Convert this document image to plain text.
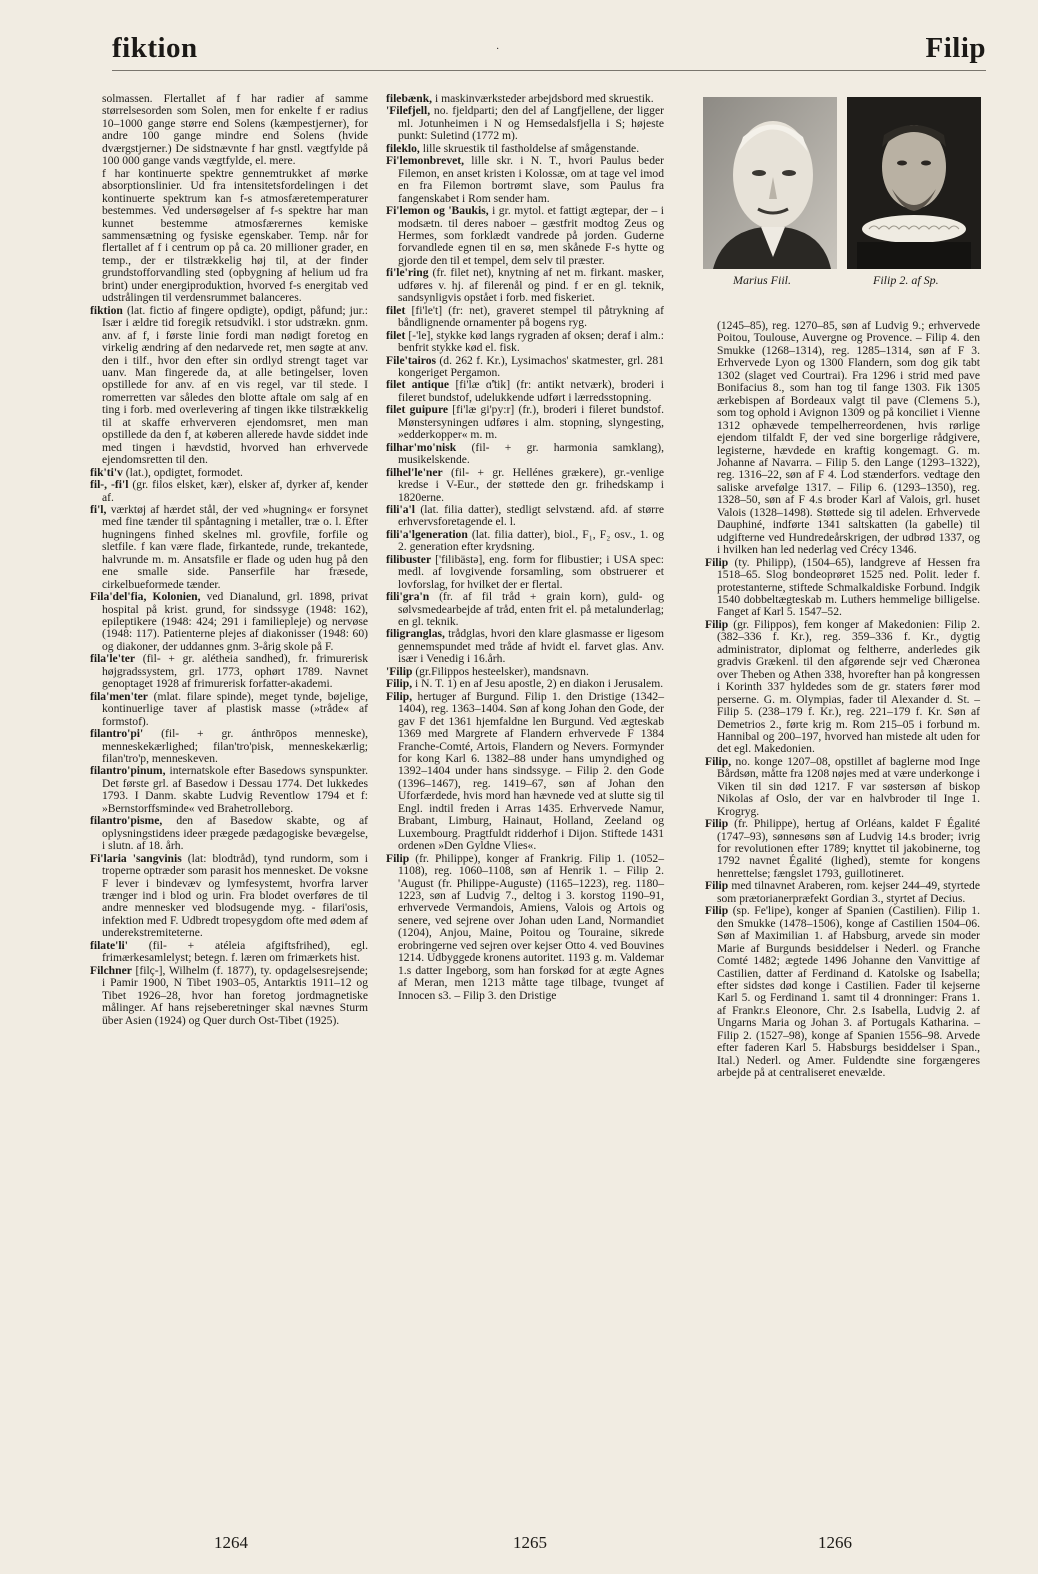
fiktion	·	Filip

solmassen. Flertallet af f har radier af samme størrelsesorden som Solen, men for enkelte f er radius 10–1000 gange større end Solens (kæmpestjerner), for andre 100 gange mindre end Solens (hvide dværgstjerner.) De sidstnævnte f har gnstl. vægtfylde på 100 000 gange vands vægtfylde, el. mere.

f har kontinuerte spektre gennemtrukket af mørke absorptionslinier. Ud fra intensitetsfordelingen i det kontinuerte spektrum kan f-s atmosfæretemperaturer bestemmes. Ved undersøgelser af f-s spektre har man kunnet bestemme atmosfærernes kemiske sammensætning og fysiske egenskaber. Temp. når for flertallet af f i centrum op på ca. 20 millioner grader, en temp., der er tilstrækkelig høj til, at der finder grundstofforvandling sted (opbygning af helium ud fra brint) under energiproduktion, hvorved f-s energitab ved udstrålingen til verdensrummet balanceres.

fiktion (lat. fictio af fingere opdigte), opdigt, påfund; jur.: Især i ældre tid foregik retsudvikl. i stor udstrækn. gnm. anv. af f, i første linie fordi man nødigt foretog en virkelig ændring af den nedarvede ret, men søgte at anv. den i tilf., hvor den efter sin ordlyd strengt taget var uanv. Man fingerede da, at alle betingelser, loven opstillede for anv. af en vis regel, var til stede. I romerretten var således den blotte aftale om salg af en ting i forb. med overlevering af tingen ikke tilstrækkelig til at skaffe erhververen ejendomsret, men man opstillede da den f, at køberen allerede havde siddet inde med tingen i hævdstid, hvorved han erhvervede ejendomsretten til den.

fik'ti'v (lat.), opdigtet, formodet.

fil-, -fi'l (gr. filos elsket, kær), elsker af, dyrker af, kender af.

fi'l, værktøj af hærdet stål, der ved »hugning« er forsynet med fine tænder til spåntagning i metaller, træ o. l. Efter hugningens finhed skelnes ml. grovfile, forfile og sletfile. f kan være flade, firkantede, runde, trekantede, halvrunde m. m. Ansatsfile er flade og uden hug på den ene smalle side. Panserfile har fræsede, cirkelbueformede tænder.

Fila'del'fia, Kolonien, ved Dianalund, grl. 1898, privat hospital på krist. grund, for sindssyge (1948: 162), epileptikere (1948: 424; 291 i familiepleje) og nervøse (1948: 117). Patienterne plejes af diakonisser (1948: 60) og diakoner, der uddannes gnm. 3-årig skole på F.

fila'le'ter (fil- + gr. alétheia sandhed), fr. frimurerisk højgradssystem, grl. 1773, ophørt 1789. Navnet genoptaget 1928 af frimurerisk forfatter-akademi.

fila'men'ter (mlat. filare spinde), meget tynde, bøjelige, kontinuerlige taver af plastisk masse (»tråde« af formstof).

filantro'pi' (fil- + gr. ánthrōpos menneske), menneskekærlighed; filan'tro'pisk, menneskekærlig; filan'tro'p, menneskeven.

filantro'pinum, internatskole efter Basedows synspunkter. Det første grl. af Basedow i Dessau 1774. Det lukkedes 1793. I Danm. skabte Ludvig Reventlow 1794 et f: »Bernstorffsminde« ved Brahetrolleborg.

filantro'pisme, den af Basedow skabte, og af oplysningstidens ideer prægede pædagogiske bevægelse, i slutn. af 18. årh.

Fi'laria 'sangvinis (lat: blodtråd), tynd rundorm, som i troperne optræder som parasit hos mennesket. De voksne F lever i bindevæv og lymfesystemt, hvorfra larver trænger ind i blod og urin. Fra blodet overføres de til andre mennesker ved blodsugende myg. - filari'osis, infektion med F. Udbredt tropesygdom ofte med ødem af underekstremiteterne.

filate'li' (fil- + atéleia afgiftsfrihed), egl. frimærkesamlelyst; betegn. f. læren om frimærkets hist.

Filchner [filç-], Wilhelm (f. 1877), ty. opdagelsesrejsende; i Pamir 1900, N Tibet 1903–05, Antarktis 1911–12 og Tibet 1926–28, hvor han foretog jordmagnetiske målinger. Af hans rejseberetninger skal nævnes Sturm über Asien (1924) og Quer durch Ost-Tibet (1925).

filebænk, i maskinværksteder arbejdsbord med skruestik.

'Filefjell, no. fjeldparti; den del af Langfjellene, der ligger ml. Jotunheimen i N og Hemsedalsfjella i S; højeste punkt: Suletind (1772 m).

fileklo, lille skruestik til fastholdelse af smågenstande.

Fi'lemonbrevet, lille skr. i N. T., hvori Paulus beder Filemon, en anset kristen i Kolossæ, om at tage vel imod en fra Filemon bortrømt slave, som Paulus fra fangenskabet i Rom sender ham.

Fi'lemon og 'Baukis, i gr. mytol. et fattigt ægtepar, der – i modsætn. til deres naboer – gæstfrit modtog Zeus og Hermes, som forklædt vandrede på jorden. Guderne forvandlede egnen til en sø, men skånede F-s hytte og gjorde den til et tempel, dem selv til præster.

fi'le'ring (fr. filet net), knytning af net m. firkant. masker, udføres v. hj. af filerenål og pind. f er en gl. teknik, sandsynligvis opstået i forb. med fiskeriet.

filet [fi'le't] (fr: net), graveret stempel til påtrykning af båndlignende ornamenter på bogens ryg.

filet [-'le], stykke kød langs rygraden af oksen; deraf i alm.: benfrit stykke kød el. fisk.

File'tairos (d. 262 f. Kr.), Lysimachos' skatmester, grl. 281 kongeriget Pergamon.

filet antique [fi'læ ɑ̃'tik] (fr: antikt netværk), broderi i fileret bundstof, udelukkende udført i lærredsstopning.

filet guipure [fi'læ gi'py:r] (fr.), broderi i fileret bundstof. Mønstersyningen udføres i alm. stopning, slyngesting, »edderkopper« m. m.

filhar'mo'nisk (fil- + gr. harmonia samklang), musikelskende.

filhel'le'ner (fil- + gr. Hellénes grækere), gr.-venlige kredse i V-Eur., der støttede den gr. frihedskamp i 1820erne.

fili'a'l (lat. filia datter), stedligt selvstænd. afd. af større erhvervsforetagende el. l.

fili'a'lgeneration (lat. filia datter), biol., F₁, F₂ osv., 1. og 2. generation efter krydsning.

filibuster ['filibästə], eng. form for flibustier; i USA spec: medl. af lovgivende forsamling, som obstruerer et lovforslag, for hvilket der er flertal.

fili'gra'n (fr. af fil tråd + grain korn), guld- og sølvsmedearbejde af tråd, enten frit el. på metalunderlag; en gl. teknik.

filigranglas, trådglas, hvori den klare glasmasse er ligesom gennemspundet med tråde af hvidt el. farvet glas. Anv. især i Venedig i 16.årh.

'Filip (gr.Filippos hesteelsker), mandsnavn.

Filip, i N. T. 1) en af Jesu apostle, 2) en diakon i Jerusalem.

Filip, hertuger af Burgund. Filip 1. den Dristige (1342–1404), reg. 1363–1404. Søn af kong Johan den Gode, der gav F det 1361 hjemfaldne len Burgund. Ved ægteskab 1369 med Margrete af Flandern erhvervede F 1384 Franche-Comté, Artois, Flandern og Nevers. Formynder for kong Karl 6. 1382–88 under hans umyndighed og 1392–1404 under hans sindssyge. – Filip 2. den Gode (1396–1467), reg. 1419–67, søn af Johan den Uforfærdede, hvis mord han hævnede ved at slutte sig til Engl. indtil freden i Arras 1435. Erhvervede Namur, Brabant, Limburg, Hainaut, Holland, Zeeland og Luxembourg. Pragtfuldt ridderhof i Dijon. Stiftede 1431 ordenen »Den Gyldne Vlies«.

Filip (fr. Philippe), konger af Frankrig. Filip 1. (1052–1108), reg. 1060–1108, søn af Henrik 1. – Filip 2. 'August (fr. Philippe-Auguste) (1165–1223), reg. 1180–1223, søn af Ludvig 7., deltog i 3. korstog 1190–91, erhvervede Vermandois, Amiens, Valois og Artois og senere, ved sejrene over Johan uden Land, Normandiet (1204), Anjou, Maine, Poitou og Touraine, sikrede erobringerne ved sejren over kejser Otto 4. ved Bouvines 1214. Udbyggede kronens autoritet. 1193 g. m. Valdemar 1.s datter Ingeborg, som han forskød for at ægte Agnes af Meran, men 1213 måtte tage tilbage, tvunget af Innocen s3. – Filip 3. den Dristige

Marius Fiil.	Filip 2. af Sp.

(1245–85), reg. 1270–85, søn af Ludvig 9.; erhvervede Poitou, Toulouse, Auvergne og Provence. – Filip 4. den Smukke (1268–1314), reg. 1285–1314, søn af F 3. Erhvervede Lyon og 1300 Flandern, som dog gik tabt 1302 (slaget ved Courtrai). Fra 1296 i strid med pave Bonifacius 8., som han tog til fange 1303. Fik 1305 ærkebispen af Bordeaux valgt til pave (Clemens 5.), som tog ophold i Avignon 1309 og på konciliet i Vienne 1312 ophævede tempelherreordenen, hvis rørlige ejendom tilfaldt F, der ved sine borgerlige rådgivere, legisterne, hævdede en kraftig kongemagt. G. m. Johanne af Navarra. – Filip 5. den Lange (1293–1322), reg. 1316–22, søn af F 4. Lod stænderfors. vedtage den saliske arvefølge 1317. – Filip 6. (1293–1350), reg. 1328–50, søn af F 4.s broder Karl af Valois, grl. huset Valois (1328–1498). Støttede sig til adelen. Erhvervede Dauphiné, indførte 1341 saltskatten (la gabelle) til udgifterne ved Hundredeårskrigen, der udbrød 1337, og i hvilken han led nederlag ved Crécy 1346.

Filip (ty. Philipp), (1504–65), landgreve af Hessen fra 1518–65. Slog bondeoprøret 1525 ned. Polit. leder f. protestanterne, stiftede Schmalkaldiske Forbund. Indgik 1540 dobbeltægteskab m. Luthers hemmelige billigelse. Fanget af Karl 5. 1547–52.

Filip (gr. Filippos), fem konger af Makedonien: Filip 2. (382–336 f. Kr.), reg. 359–336 f. Kr., dygtig administrator, diplomat og feltherre, anderledes gik gradvis Grækenl. til den afgørende sejr ved Chæronea over Theben og Athen 338, hvorefter han på kongressen i Korinth 337 hyldedes som de gr. staters fører mod perserne. G. m. Olympias, fader til Alexander d. St. – Filip 5. (238–179 f. Kr.), reg. 221–179 f. Kr. Søn af Demetrios 2., førte krig m. Rom 215–05 i forbund m. Hannibal og 200–197, hvorved han mistede alt uden for det egl. Makedonien.

Filip, no. konge 1207–08, opstillet af baglerne mod Inge Bårdsøn, måtte fra 1208 nøjes med at være underkonge i Viken til sin død 1217. F var søstersøn af biskop Nikolas af Oslo, der var en halvbroder til Inge 1. Krogryg.

Filip (fr. Philippe), hertug af Orléans, kaldet F Égalité (1747–93), sønnesøns søn af Ludvig 14.s broder; ivrig for revolutionen efter 1789; knyttet til jakobinerne, tog 1792 navnet Égalité (lighed), stemte for kongens henrettelse; fængslet 1793, guillotineret.

Filip med tilnavnet Araberen, rom. kejser 244–49, styrtede som prætorianerpræfekt Gordian 3., styrtet af Decius.

Filip (sp. Fe'lipe), konger af Spanien (Castilien). Filip 1. den Smukke (1478–1506), konge af Castilien 1504–06. Søn af Maximilian 1. af Habsburg, arvede sin moder Marie af Burgunds besiddelser i Nederl. og Franche Comté 1482; ægtede 1496 Johanne den Vanvittige af Castilien, datter af Ferdinand d. Katolske og Isabella; efter sidstes død konge i Castilien. Fader til kejserne Karl 5. og Ferdinand 1. samt til 4 dronninger: Frans 1. af Frankr.s Eleonore, Chr. 2.s Isabella, Ludvig 2. af Ungarns Maria og Johan 3. af Portugals Katharina. – Filip 2. (1527–98), konge af Spanien 1556–98. Arvede efter faderen Karl 5. Habsburgs besiddelser i Span., Ital.) Nederl. og Amer. Fuldendte sine forgængeres arbejde på at centraliseret enevælde.

1264	1265	1266
